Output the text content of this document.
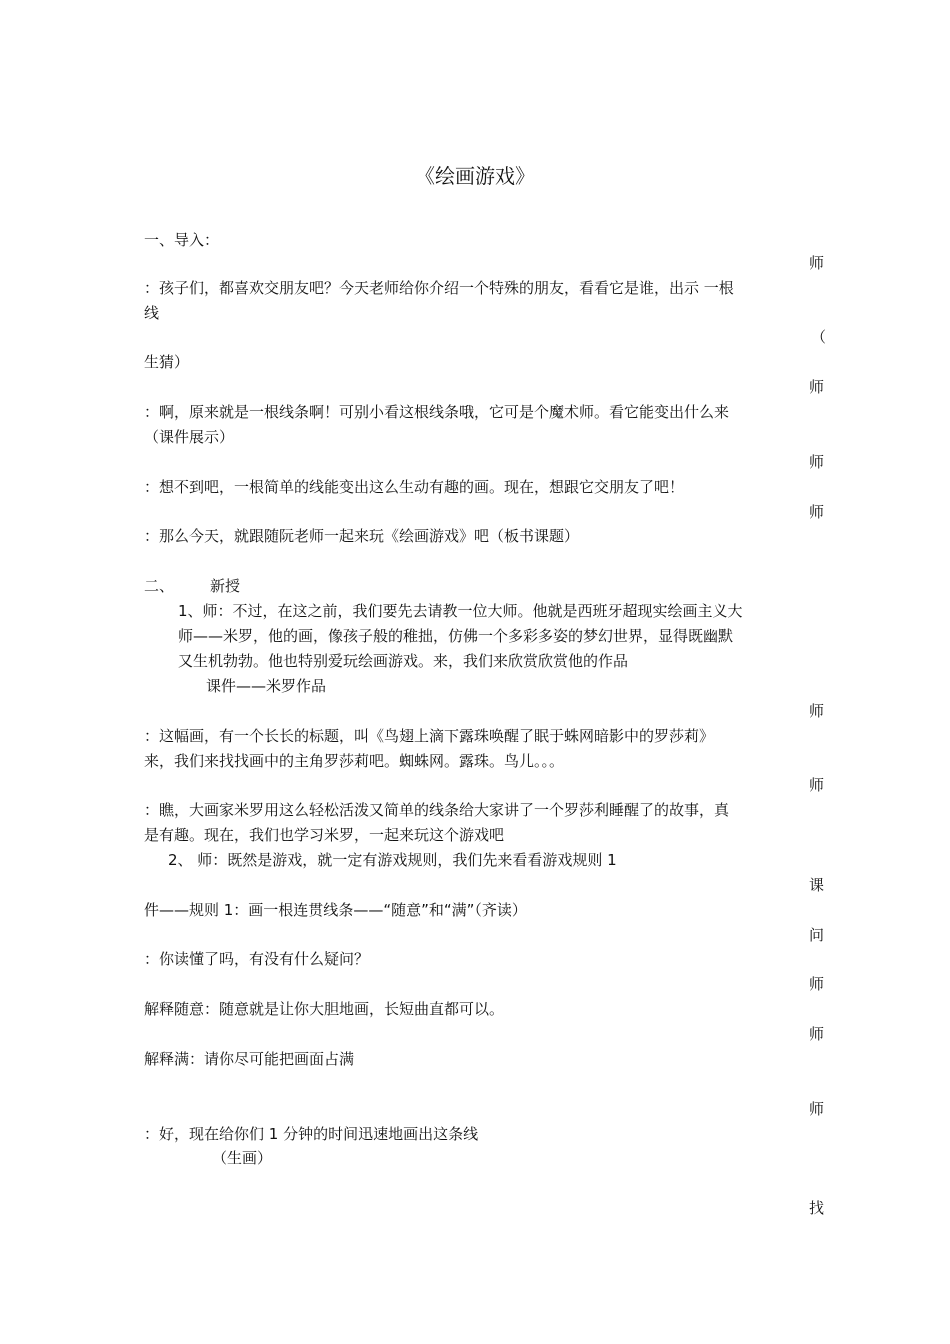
《绘画游戏》
一、导入：
师
：孩子们，都喜欢交朋友吧？今天老师给你介绍一个特殊的朋友，看看它是谁，出示 一根
线
（
生猜）
师
：啊，原来就是一根线条啊！可别小看这根线条哦，它可是个魔术师。看它能变出什么来
（课件展示）
师
：想不到吧，一根简单的线能变出这么生动有趣的画。现在，想跟它交朋友了吧！
师
：那么今天，就跟随阮老师一起来玩《绘画游戏》吧（板书课题）
二、 新授
1、师：不过，在这之前，我们要先去请教一位大师。他就是西班牙超现实绘画主义大
师——米罗，他的画，像孩子般的稚拙，仿佛一个多彩多姿的梦幻世界，显得既幽默
又生机勃勃。他也特别爱玩绘画游戏。来，我们来欣赏欣赏他的作品
课件——米罗作品
师
：这幅画，有一个长长的标题，叫《鸟翅上滴下露珠唤醒了眠于蛛网暗影中的罗莎莉》
来，我们来找找画中的主角罗莎莉吧。蜘蛛网。露珠。鸟儿。。。
师
：瞧，大画家米罗用这么轻松活泼又简单的线条给大家讲了一个罗莎利睡醒了的故事，真
是有趣。现在，我们也学习米罗，一起来玩这个游戏吧
2、 师：既然是游戏，就一定有游戏规则，我们先来看看游戏规则 1
课
件——规则 1：画一根连贯线条——“随意”和“满”（齐读）
问
：你读懂了吗，有没有什么疑问？
师
解释随意：随意就是让你大胆地画，长短曲直都可以。
师
解释满：请你尽可能把画面占满
师
：好，现在给你们 1 分钟的时间迅速地画出这条线
（生画）
找
